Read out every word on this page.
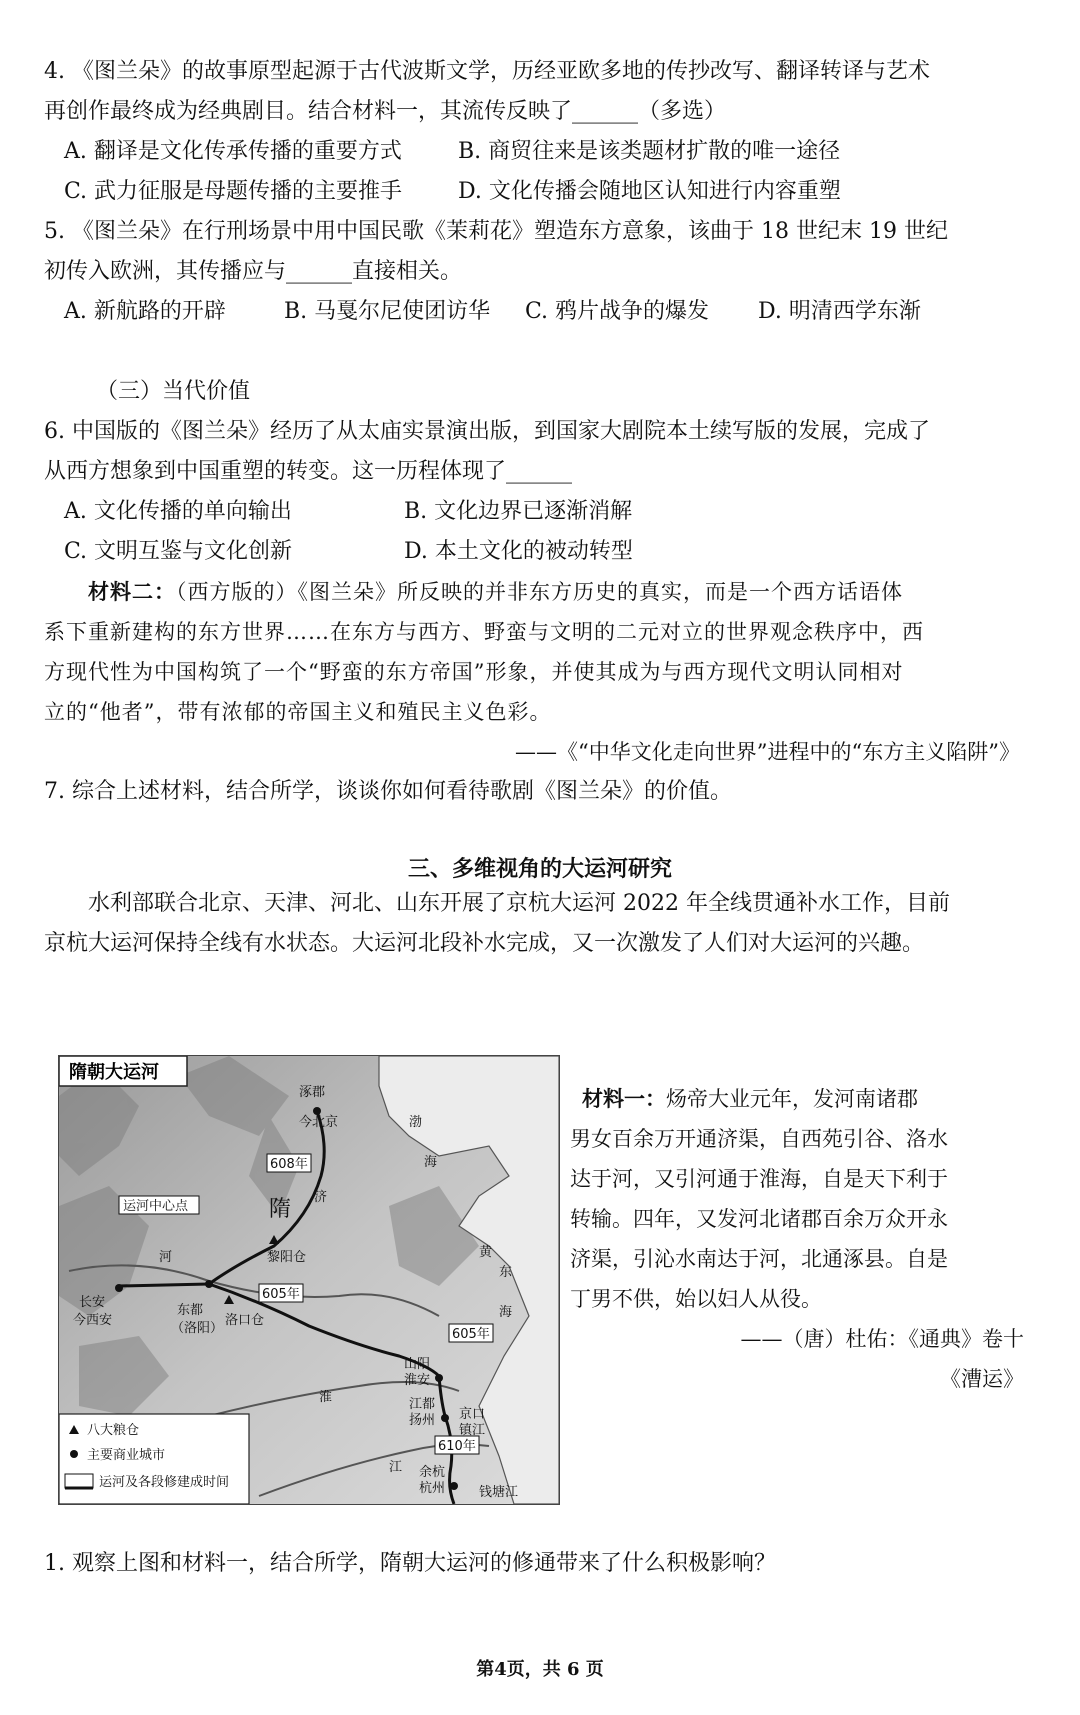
4. 《图兰朵》的故事原型起源于古代波斯文学，历经亚欧多地的传抄改写、翻译转译与艺术
再创作最终成为经典剧目。结合材料一，其流传反映了______（多选）
A. 翻译是文化传承传播的重要方式	B. 商贸往来是该类题材扩散的唯一途径
C. 武力征服是母题传播的主要推手	D. 文化传播会随地区认知进行内容重塑
5. 《图兰朵》在行刑场景中用中国民歌《茉莉花》塑造东方意象，该曲于 18 世纪末 19 世纪
初传入欧洲，其传播应与______直接相关。
A. 新航路的开辟	B. 马戛尔尼使团访华 C. 鸦片战争的爆发 D. 明清西学东渐
（三）当代价值
6. 中国版的《图兰朵》经历了从太庙实景演出版，到国家大剧院本土续写版的发展，完成了
从西方想象到中国重塑的转变。这一历程体现了______
A. 文化传播的单向输出	B. 文化边界已逐渐消解
C. 文明互鉴与文化创新	D. 本土文化的被动转型
材料二：（西方版的）《图兰朵》所反映的并非东方历史的真实，而是一个西方话语体
系下重新建构的东方世界……在东方与西方、野蛮与文明的二元对立的世界观念秩序中，西
方现代性为中国构筑了一个“野蛮的东方帝国”形象，并使其成为与西方现代文明认同相对
立的“他者”，带有浓郁的帝国主义和殖民主义色彩。
——《“中华文化走向世界”进程中的“东方主义陷阱”》
7. 综合上述材料，结合所学，谈谈你如何看待歌剧《图兰朵》的价值。
三、多维视角的大运河研究
水利部联合北京、天津、河北、山东开展了京杭大运河 2022 年全线贯通补水工作，目前
京杭大运河保持全线有水状态。大运河北段补水完成，又一次激发了人们对大运河的兴趣。
隋朝大运河
涿郡
今北京
608年
运河中心点	隋
渤
海
济
黄
东
海
长安
今西安
东都
（洛阳）
黎阳仓
洛口仓
605年
605年
610年
山阳
淮安
江都
扬州 京口
镇江
余杭
杭州	钱塘江
淮
江
河
八大粮仓
主要商业城市
运河及各段修建成时间
材料一：炀帝大业元年，发河南诸郡
男女百余万开通济渠，自西苑引谷、洛水
达于河，又引河通于淮海，自是天下利于
转输。四年，又发河北诸郡百余万众开永
济渠，引沁水南达于河，北通涿县。自是
丁男不供，始以妇人从役。
——（唐）杜佑：《通典》卷十
《漕运》
1. 观察上图和材料一，结合所学，隋朝大运河的修通带来了什么积极影响？
第4页，共 6 页
